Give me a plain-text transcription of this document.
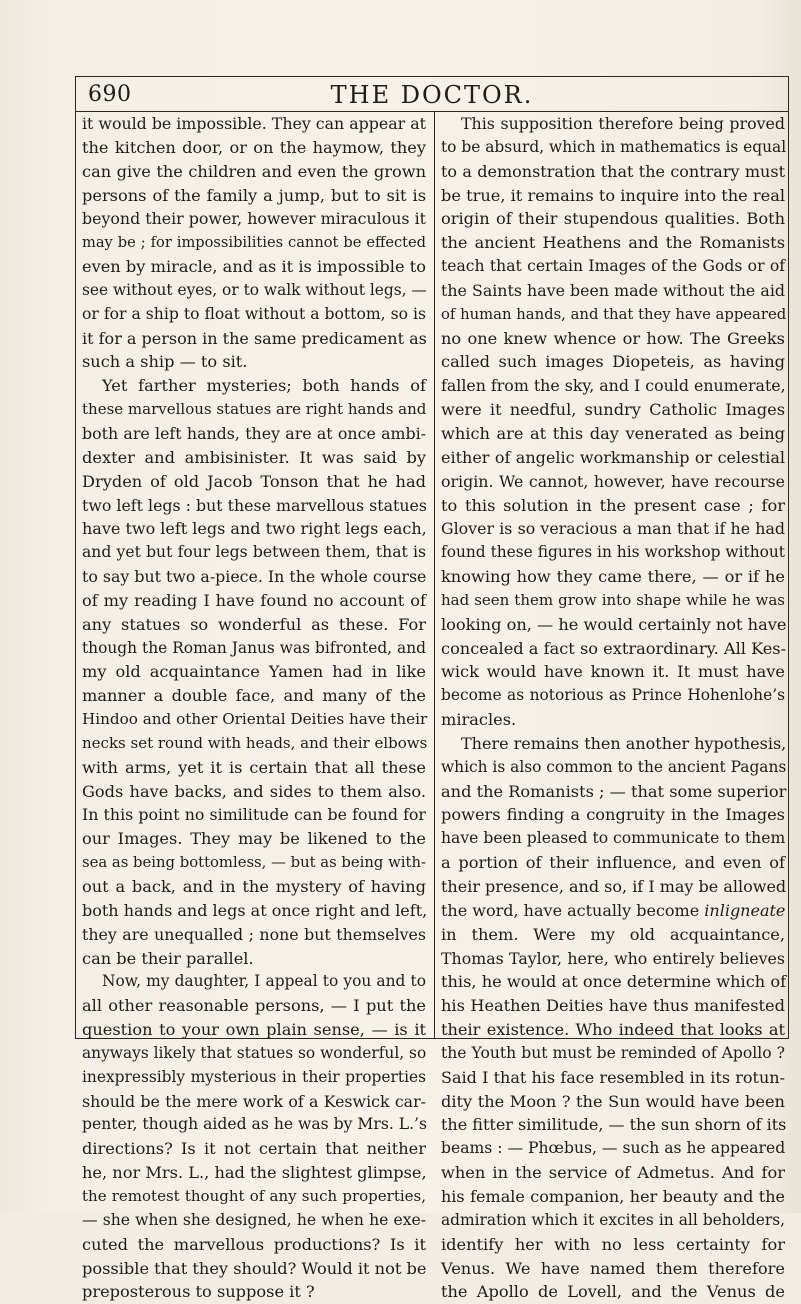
690	THE DOCTOR.
it would be impossible. They can appear at
the kitchen door, or on the haymow, they
can give the children and even the grown
persons of the family a jump, but to sit is
beyond their power, however miraculous it
may be ; for impossibilities cannot be effected
even by miracle, and as it is impossible to
see without eyes, or to walk without legs, —
or for a ship to float without a bottom, so is
it for a person in the same predicament as
such a ship — to sit.
Yet farther mysteries; both hands of
these marvellous statues are right hands and
both are left hands, they are at once ambi-
dexter and ambisinister. It was said by
Dryden of old Jacob Tonson that he had
two left legs : but these marvellous statues
have two left legs and two right legs each,
and yet but four legs between them, that is
to say but two a-piece. In the whole course
of my reading I have found no account of
any statues so wonderful as these. For
though the Roman Janus was bifronted, and
my old acquaintance Yamen had in like
manner a double face, and many of the
Hindoo and other Oriental Deities have their
necks set round with heads, and their elbows
with arms, yet it is certain that all these
Gods have backs, and sides to them also.
In this point no similitude can be found for
our Images. They may be likened to the
sea as being bottomless, — but as being with-
out a back, and in the mystery of having
both hands and legs at once right and left,
they are unequalled ; none but themselves
can be their parallel.
Now, my daughter, I appeal to you and to
all other reasonable persons, — I put the
question to your own plain sense, — is it
anyways likely that statues so wonderful, so
inexpressibly mysterious in their properties
should be the mere work of a Keswick car-
penter, though aided as he was by Mrs. L.’s
directions? Is it not certain that neither
he, nor Mrs. L., had the slightest glimpse,
the remotest thought of any such properties,
— she when she designed, he when he exe-
cuted the marvellous productions? Is it
possible that they should? Would it not be
preposterous to suppose it ?
This supposition therefore being proved
to be absurd, which in mathematics is equal
to a demonstration that the contrary must
be true, it remains to inquire into the real
origin of their stupendous qualities. Both
the ancient Heathens and the Romanists
teach that certain Images of the Gods or of
the Saints have been made without the aid
of human hands, and that they have appeared
no one knew whence or how. The Greeks
called such images Diopeteis, as having
fallen from the sky, and I could enumerate,
were it needful, sundry Catholic Images
which are at this day venerated as being
either of angelic workmanship or celestial
origin. We cannot, however, have recourse
to this solution in the present case ; for
Glover is so veracious a man that if he had
found these figures in his workshop without
knowing how they came there, — or if he
had seen them grow into shape while he was
looking on, — he would certainly not have
concealed a fact so extraordinary. All Kes-
wick would have known it. It must have
become as notorious as Prince Hohenlohe’s
miracles.
There remains then another hypothesis,
which is also common to the ancient Pagans
and the Romanists ; — that some superior
powers finding a congruity in the Images
have been pleased to communicate to them
a portion of their influence, and even of
their presence, and so, if I may be allowed
the word, have actually become inligneate
in them. Were my old acquaintance,
Thomas Taylor, here, who entirely believes
this, he would at once determine which of
his Heathen Deities have thus manifested
their existence. Who indeed that looks at
the Youth but must be reminded of Apollo ?
Said I that his face resembled in its rotun-
dity the Moon ? the Sun would have been
the fitter similitude, — the sun shorn of its
beams : — Phœbus, — such as he appeared
when in the service of Admetus. And for
his female companion, her beauty and the
admiration which it excites in all beholders,
identify her with no less certainty for
Venus. We have named them therefore
the Apollo de Lovell, and the Venus de
